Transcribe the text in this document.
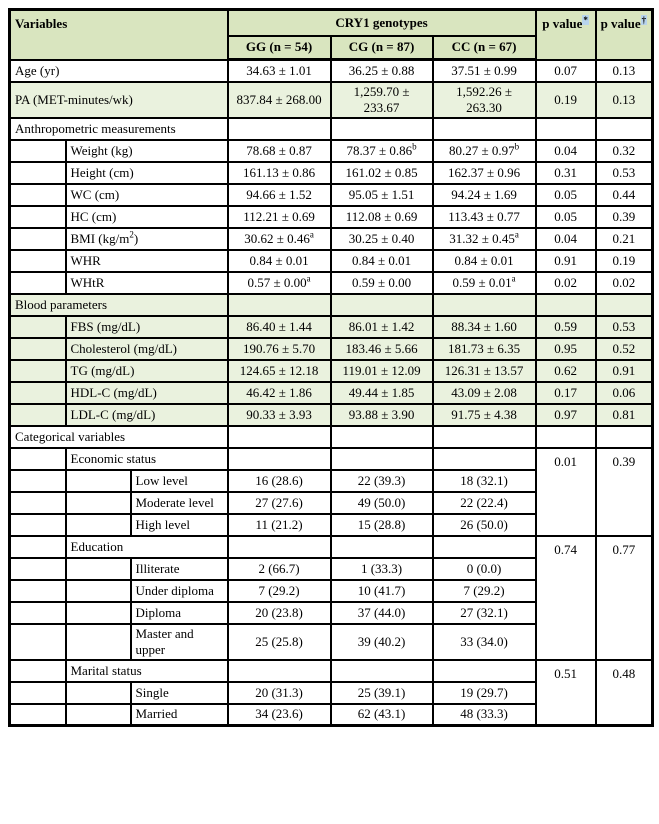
Variables			CRY1 genotypes			p value*	p value†
			GG (n = 54)	CG (n = 87)	CC (n = 67)		
Age (yr)			34.63 ± 1.01	36.25 ± 0.88	37.51 ± 0.99	0.07	0.13
PA (MET-minutes/wk)			837.84 ± 268.00	1,259.70 ± 233.67	1,592.26 ± 263.30	0.19	0.13
Anthropometric measurements							
	Weight (kg)		78.68 ± 0.87	78.37 ± 0.86$^b$	80.27 ± 0.97$^b$	0.04	0.32
	Height (cm)		161.13 ± 0.86	161.02 ± 0.85	162.37 ± 0.96	0.31	0.53
	WC (cm)		94.66 ± 1.52	95.05 ± 1.51	94.24 ± 1.69	0.05	0.44
	HC (cm)		112.21 ± 0.69	112.08 ± 0.69	113.43 ± 0.77	0.05	0.39
	BMI $(kg/m^2)$		30.62 ± 0.46$^a$	30.25 ± 0.40	31.32 ± 0.45$^a$	0.04	0.21
	WHR		0.84 ± 0.01	0.84 ± 0.01	0.84 ± 0.01	0.91	0.19
	WHtR		0.57 ± 0.00$^a$	0.59 ± 0.00	0.59 ± 0.01$^a$	0.02	0.02
Blood parameters							
	FBS (mg/dL)		86.40 ± 1.44	86.01 ± 1.42	88.34 ± 1.60	0.59	0.53
	Cholesterol (mg/dL)		190.76 ± 5.70	183.46 ± 5.66	181.73 ± 6.35	0.95	0.52
	TG (mg/dL)		124.65 ± 12.18	119.01 ± 12.09	126.31 ± 13.57	0.62	0.91
	HDL-C (mg/dL)		46.42 ± 1.86	49.44 ± 1.85	43.09 ± 2.08	0.17	0.06
	LDL-C (mg/dL)		90.33 ± 3.93	93.88 ± 3.90	91.75 ± 4.38	0.97	0.81
Categorical variables							
	Economic status					0.01	0.39
		Low level	16 (28.6)	22 (39.3)	18 (32.1)		
		Moderate level	27 (27.6)	49 (50.0)	22 (22.4)		
		High level	11 (21.2)	15 (28.8)	26 (50.0)		
	Education					0.74	0.77
		Illiterate	2 (66.7)	1 (33.3)	0 (0.0)		
		Under diploma	7 (29.2)	10 (41.7)	7 (29.2)		
		Diploma	20 (23.8)	37 (44.0)	27 (32.1)		
		Master and upper	25 (25.8)	39 (40.2)	33 (34.0)		
	Marital status					0.51	0.48
		Single	20 (31.3)	25 (39.1)	19 (29.7)		
		Married	34 (23.6)	62 (43.1)	48 (33.3)		
